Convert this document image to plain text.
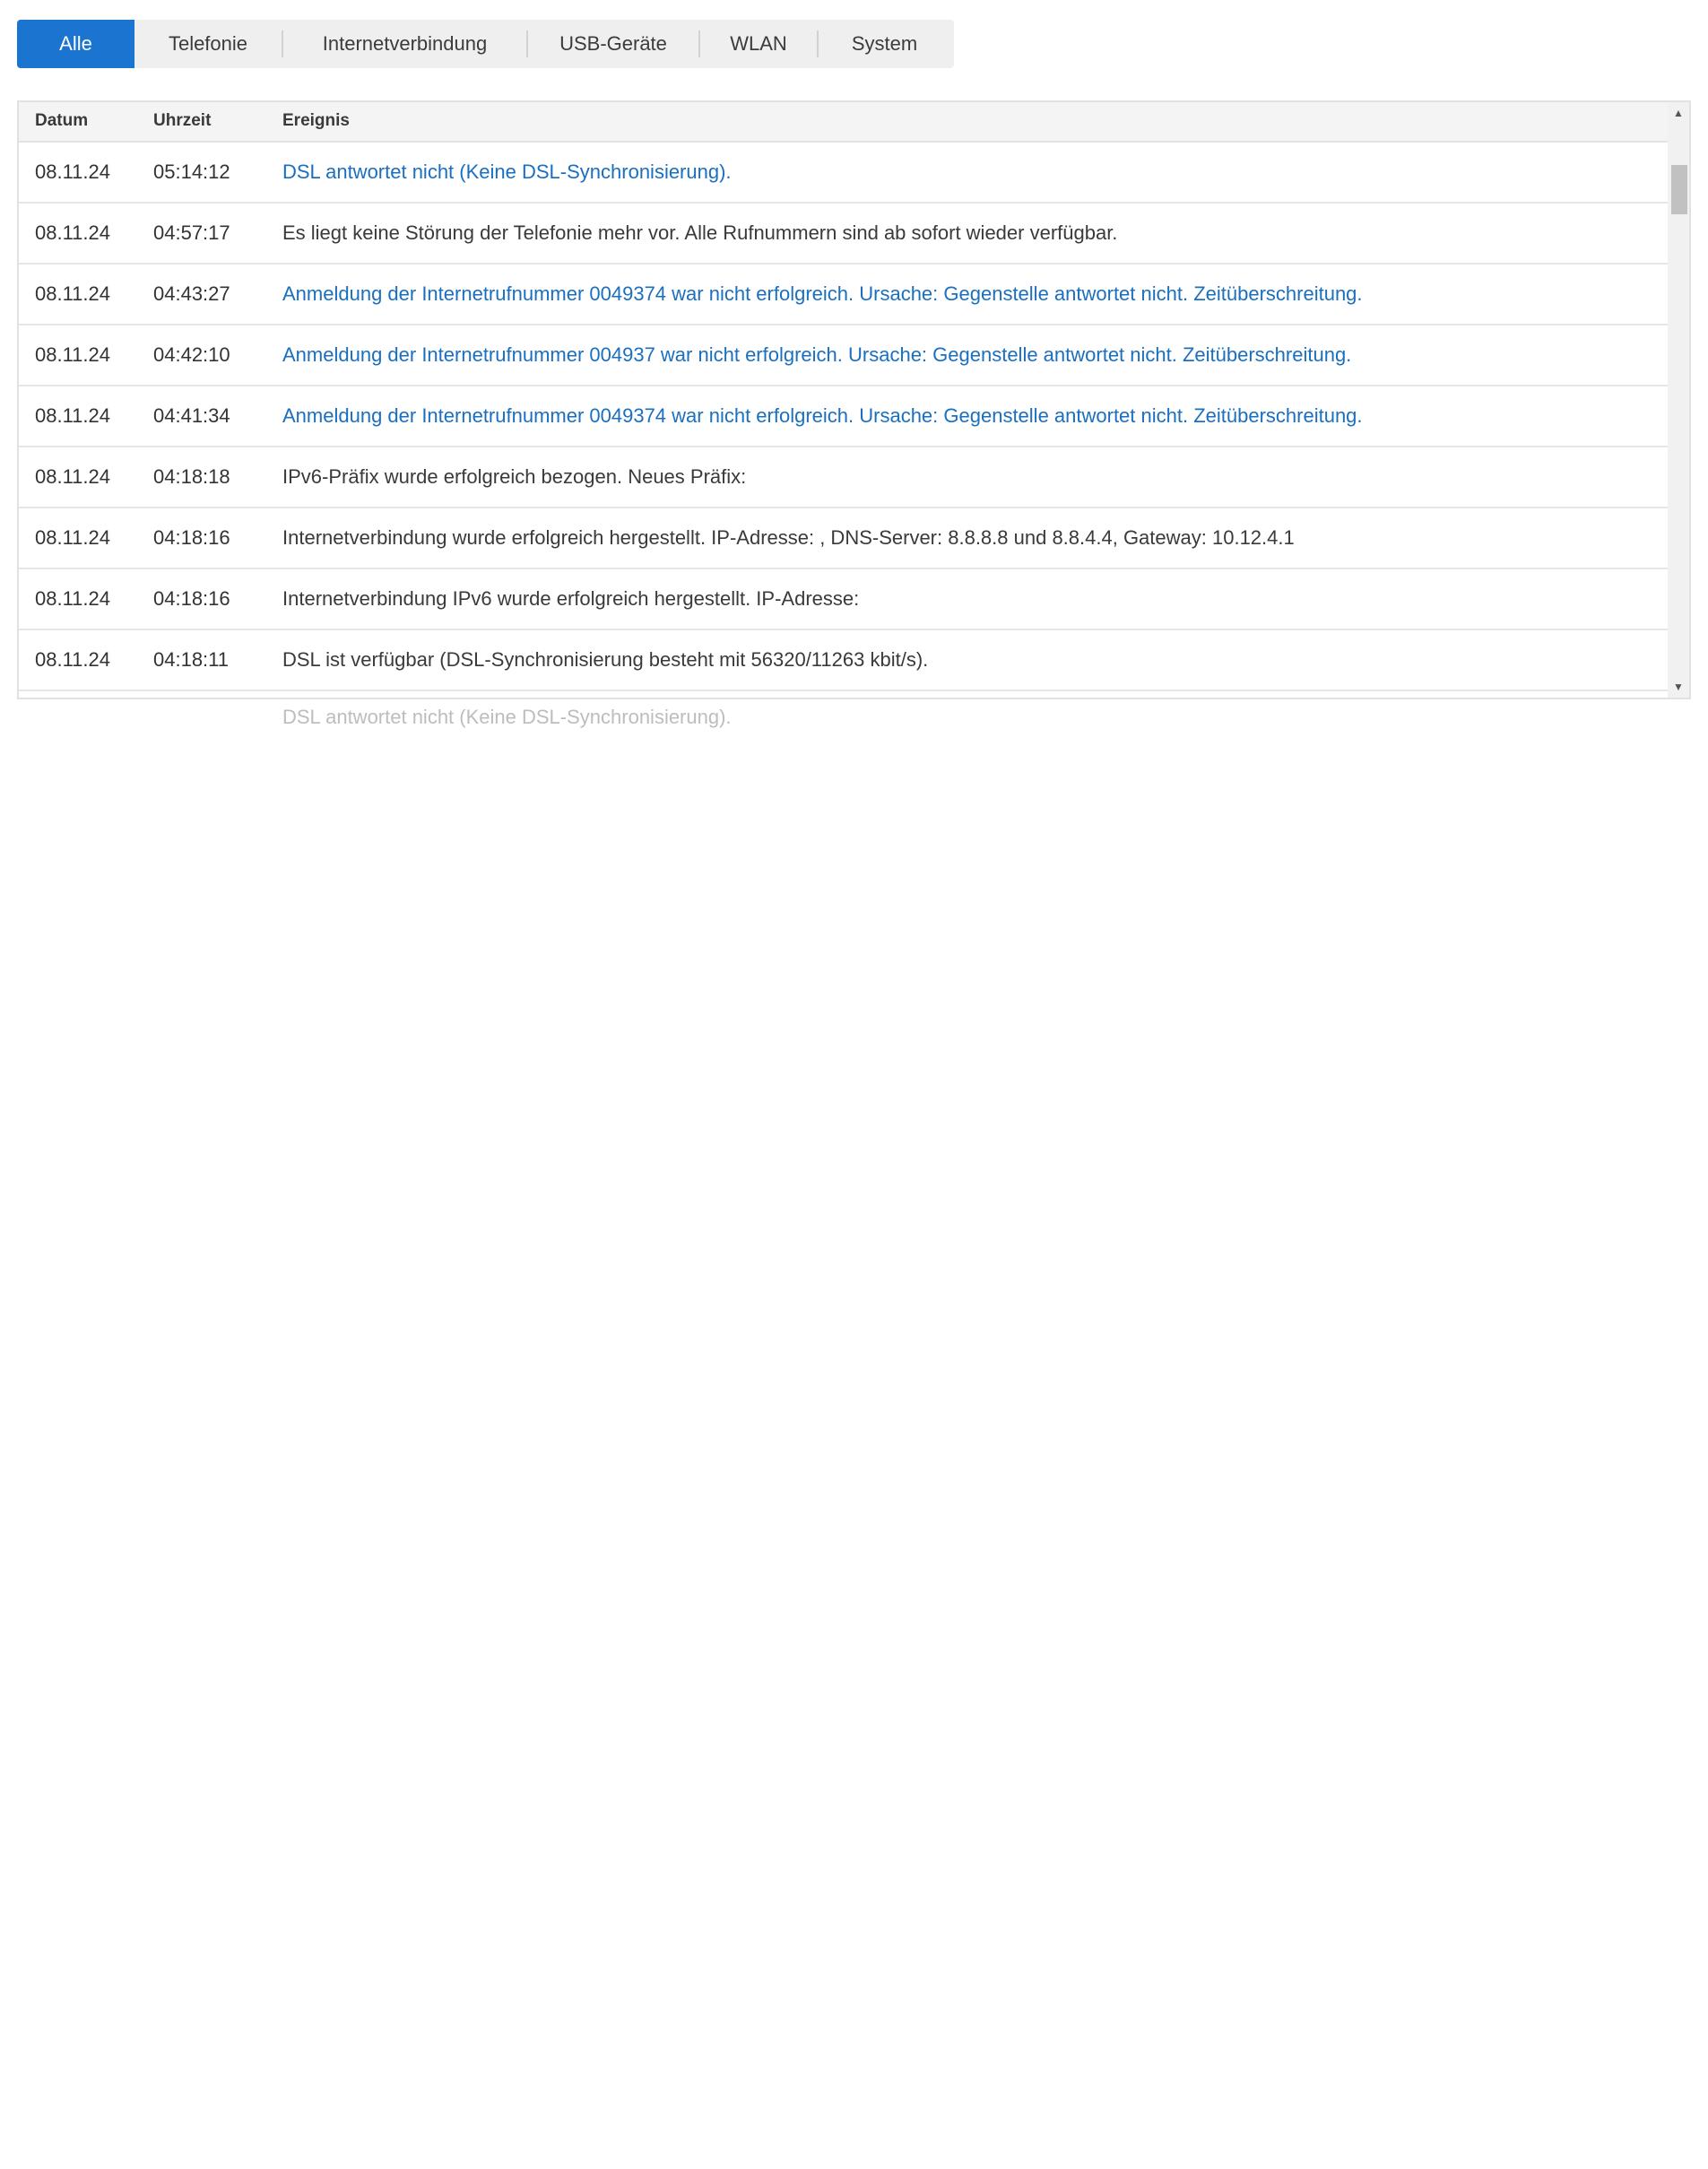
Alle	Telefonie	Internetverbindung	USB-Geräte	WLAN	System
Datum	Uhrzeit	Ereignis
08.11.24 05:14:12	DSL antwortet nicht (Keine DSL-Synchronisierung).
08.11.24 04:57:17	Es liegt keine Störung der Telefonie mehr vor. Alle Rufnummern sind ab sofort wieder verfügbar.
08.11.24 04:43:27	Anmeldung der Internetrufnummer 0049374 war nicht erfolgreich. Ursache: Gegenstelle antwortet nicht. Zeitüberschreitung.
08.11.24 04:42:10	Anmeldung der Internetrufnummer 004937 war nicht erfolgreich. Ursache: Gegenstelle antwortet nicht. Zeitüberschreitung.
08.11.24 04:41:34	Anmeldung der Internetrufnummer 0049374 war nicht erfolgreich. Ursache: Gegenstelle antwortet nicht. Zeitüberschreitung.
08.11.24 04:18:18	IPv6-Präfix wurde erfolgreich bezogen. Neues Präfix:
08.11.24 04:18:16	Internetverbindung wurde erfolgreich hergestellt. IP-Adresse: , DNS-Server: 8.8.8.8 und 8.8.4.4, Gateway: 10.12.4.1
08.11.24 04:18:16	Internetverbindung IPv6 wurde erfolgreich hergestellt. IP-Adresse:
08.11.24 04:18:11	DSL ist verfügbar (DSL-Synchronisierung besteht mit 56320/11263 kbit/s).
DSL antwortet nicht (Keine DSL-Synchronisierung).
▲
▼
